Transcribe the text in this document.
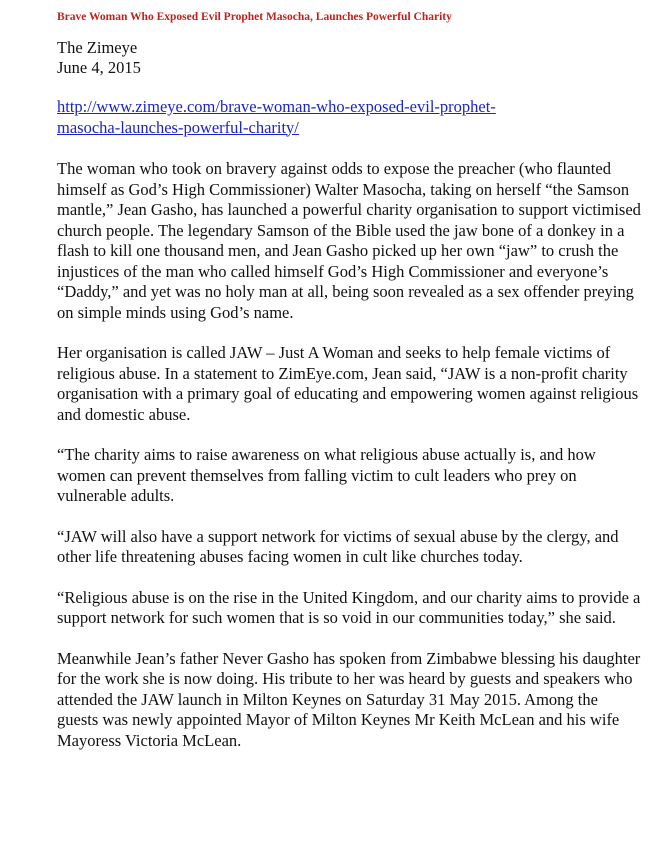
Brave Woman Who Exposed Evil Prophet Masocha, Launches Powerful Charity
The Zimeye
June 4, 2015
http://www.zimeye.com/brave-woman-who-exposed-evil-prophet-masocha-launches-powerful-charity/

The woman who took on bravery against odds to expose the preacher (who flaunted himself as God’s High Commissioner) Walter Masocha, taking on herself “the Samson mantle,” Jean Gasho, has launched a powerful charity organisation to support victimised church people. The legendary Samson of the Bible used the jaw bone of a donkey in a flash to kill one thousand men, and Jean Gasho picked up her own “jaw” to crush the injustices of the man who called himself God’s High Commissioner and everyone’s “Daddy,” and yet was no holy man at all, being soon revealed as a sex offender preying on simple minds using God’s name.

Her organisation is called JAW – Just A Woman and seeks to help female victims of religious abuse. In a statement to ZimEye.com, Jean said, “JAW is a non-profit charity organisation with a primary goal of educating and empowering women against religious and domestic abuse.

“The charity aims to raise awareness on what religious abuse actually is, and how women can prevent themselves from falling victim to cult leaders who prey on vulnerable adults.

“JAW will also have a support network for victims of sexual abuse by the clergy, and other life threatening abuses facing women in cult like churches today.

“Religious abuse is on the rise in the United Kingdom, and our charity aims to provide a support network for such women that is so void in our communities today,” she said.

Meanwhile Jean’s father Never Gasho has spoken from Zimbabwe blessing his daughter for the work she is now doing. His tribute to her was heard by guests and speakers who attended the JAW launch in Milton Keynes on Saturday 31 May 2015. Among the guests was newly appointed Mayor of Milton Keynes Mr Keith McLean and his wife Mayoress Victoria McLean.
